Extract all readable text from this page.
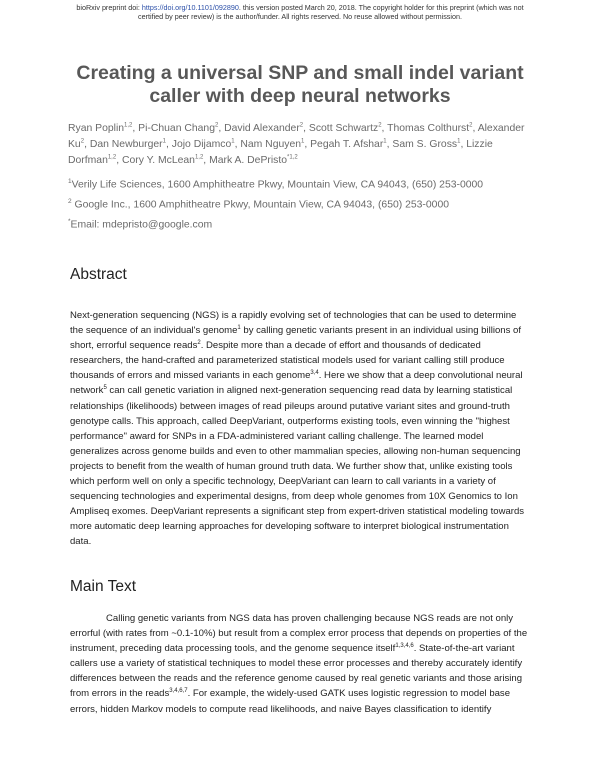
bioRxiv preprint doi: https://doi.org/10.1101/092890. this version posted March 20, 2018. The copyright holder for this preprint (which was not
certified by peer review) is the author/funder. All rights reserved. No reuse allowed without permission.
Creating a universal SNP and small indel variant caller with deep neural networks

Ryan Poplin$^{1,2}$, Pi-Chuan Chang$^2$, David Alexander$^2$, Scott Schwartz$^2$, Thomas Colthurst$^2$, Alexander Ku$^2$, Dan Newburger$^1$, Jojo Dijamco$^1$, Nam Nguyen$^1$, Pegah T. Afshar$^1$, Sam S. Gross$^1$, Lizzie Dorfman$^{1,2}$, Cory Y. McLean$^{1,2}$, Mark A. DePristo$^{*1,2}$

$^1$Verily Life Sciences, 1600 Amphitheatre Pkwy, Mountain View, CA 94043, (650) 253-0000

$^2$ Google Inc., 1600 Amphitheatre Pkwy, Mountain View, CA 94043, (650) 253-0000

*Email: mdepristo@google.com

Abstract

Next-generation sequencing (NGS) is a rapidly evolving set of technologies that can be used to determine the sequence of an individual's genome$^1$ by calling genetic variants present in an individual using billions of short, errorful sequence reads$^2$. Despite more than a decade of effort and thousands of dedicated researchers, the hand-crafted and parameterized statistical models used for variant calling still produce thousands of errors and missed variants in each genome$^{3,4}$. Here we show that a deep convolutional neural network$^5$ can call genetic variation in aligned next-generation sequencing read data by learning statistical relationships (likelihoods) between images of read pileups around putative variant sites and ground-truth genotype calls. This approach, called DeepVariant, outperforms existing tools, even winning the "highest performance" award for SNPs in a FDA-administered variant calling challenge. The learned model generalizes across genome builds and even to other mammalian species, allowing non-human sequencing projects to benefit from the wealth of human ground truth data. We further show that, unlike existing tools which perform well on only a specific technology, DeepVariant can learn to call variants in a variety of sequencing technologies and experimental designs, from deep whole genomes from 10X Genomics to Ion Ampliseq exomes. DeepVariant represents a significant step from expert-driven statistical modeling towards more automatic deep learning approaches for developing software to interpret biological instrumentation data.

Main Text

Calling genetic variants from NGS data has proven challenging because NGS reads are not only errorful (with rates from ~0.1-10%) but result from a complex error process that depends on properties of the instrument, preceding data processing tools, and the genome sequence itself$^{1,3,4,6}$. State-of-the-art variant callers use a variety of statistical techniques to model these error processes and thereby accurately identify differences between the reads and the reference genome caused by real genetic variants and those arising from errors in the reads$^{3,4,6,7}$. For example, the widely-used GATK uses logistic regression to model base errors, hidden Markov models to compute read likelihoods, and naive Bayes classification to identify
